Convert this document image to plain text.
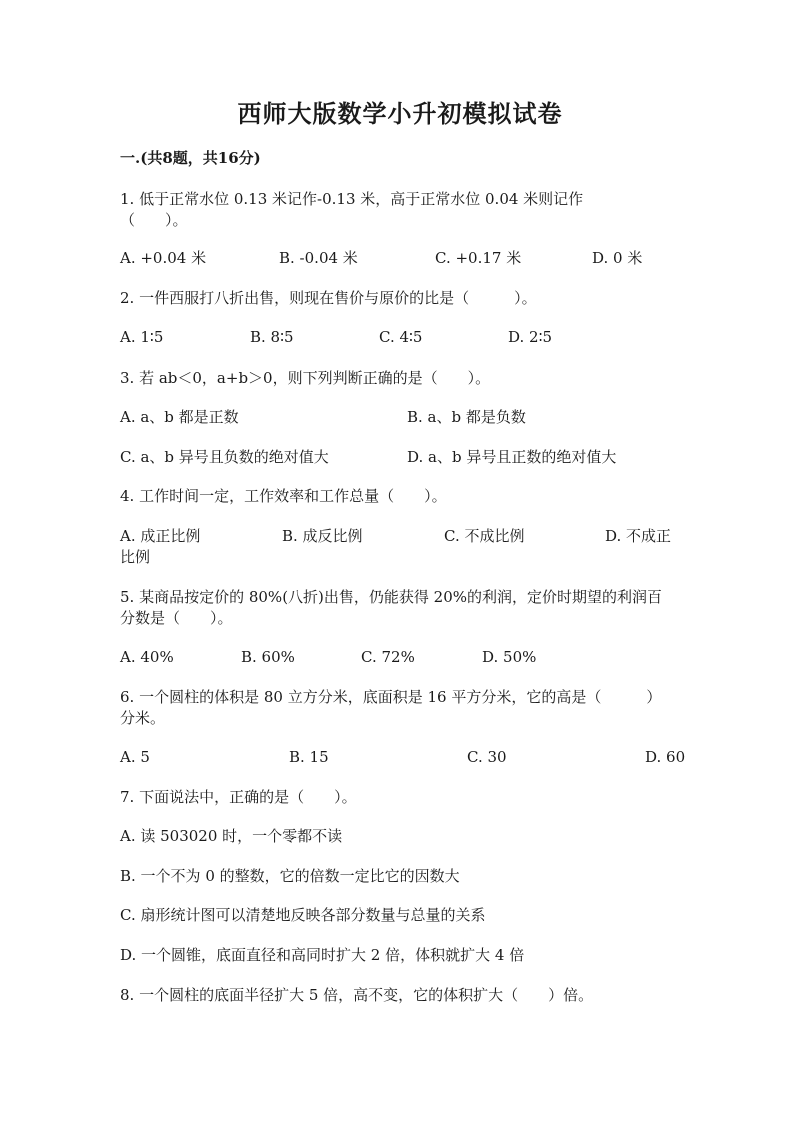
西师大版数学小升初模拟试卷
一.(共8题，共16分)
1. 低于正常水位 0.13 米记作-0.13 米，高于正常水位 0.04 米则记作
（　　）。
A. +0.04 米	B. -0.04 米	C. +0.17 米	D. 0 米
2. 一件西服打八折出售，则现在售价与原价的比是（　　　）。
A. 1∶5	B. 8∶5	C. 4∶5	D. 2∶5
3. 若 ab＜0，a+b＞0，则下列判断正确的是（　　）。
A. a、b 都是正数	B. a、b 都是负数
C. a、b 异号且负数的绝对值大	D. a、b 异号且正数的绝对值大
4. 工作时间一定，工作效率和工作总量（　　）。
A. 成正比例	B. 成反比例	C. 不成比例	D. 不成正
比例
5. 某商品按定价的 80%(八折)出售，仍能获得 20%的利润，定价时期望的利润百
分数是（　　）。
A. 40%	B. 60%	C. 72%	D. 50%
6. 一个圆柱的体积是 80 立方分米，底面积是 16 平方分米，它的高是（　　　）
分米。
A. 5	B. 15	C. 30	D. 60
7. 下面说法中，正确的是（　　）。
A. 读 503020 时，一个零都不读
B. 一个不为 0 的整数，它的倍数一定比它的因数大
C. 扇形统计图可以清楚地反映各部分数量与总量的关系
D. 一个圆锥，底面直径和高同时扩大 2 倍，体积就扩大 4 倍
8. 一个圆柱的底面半径扩大 5 倍，高不变，它的体积扩大（　　）倍。
